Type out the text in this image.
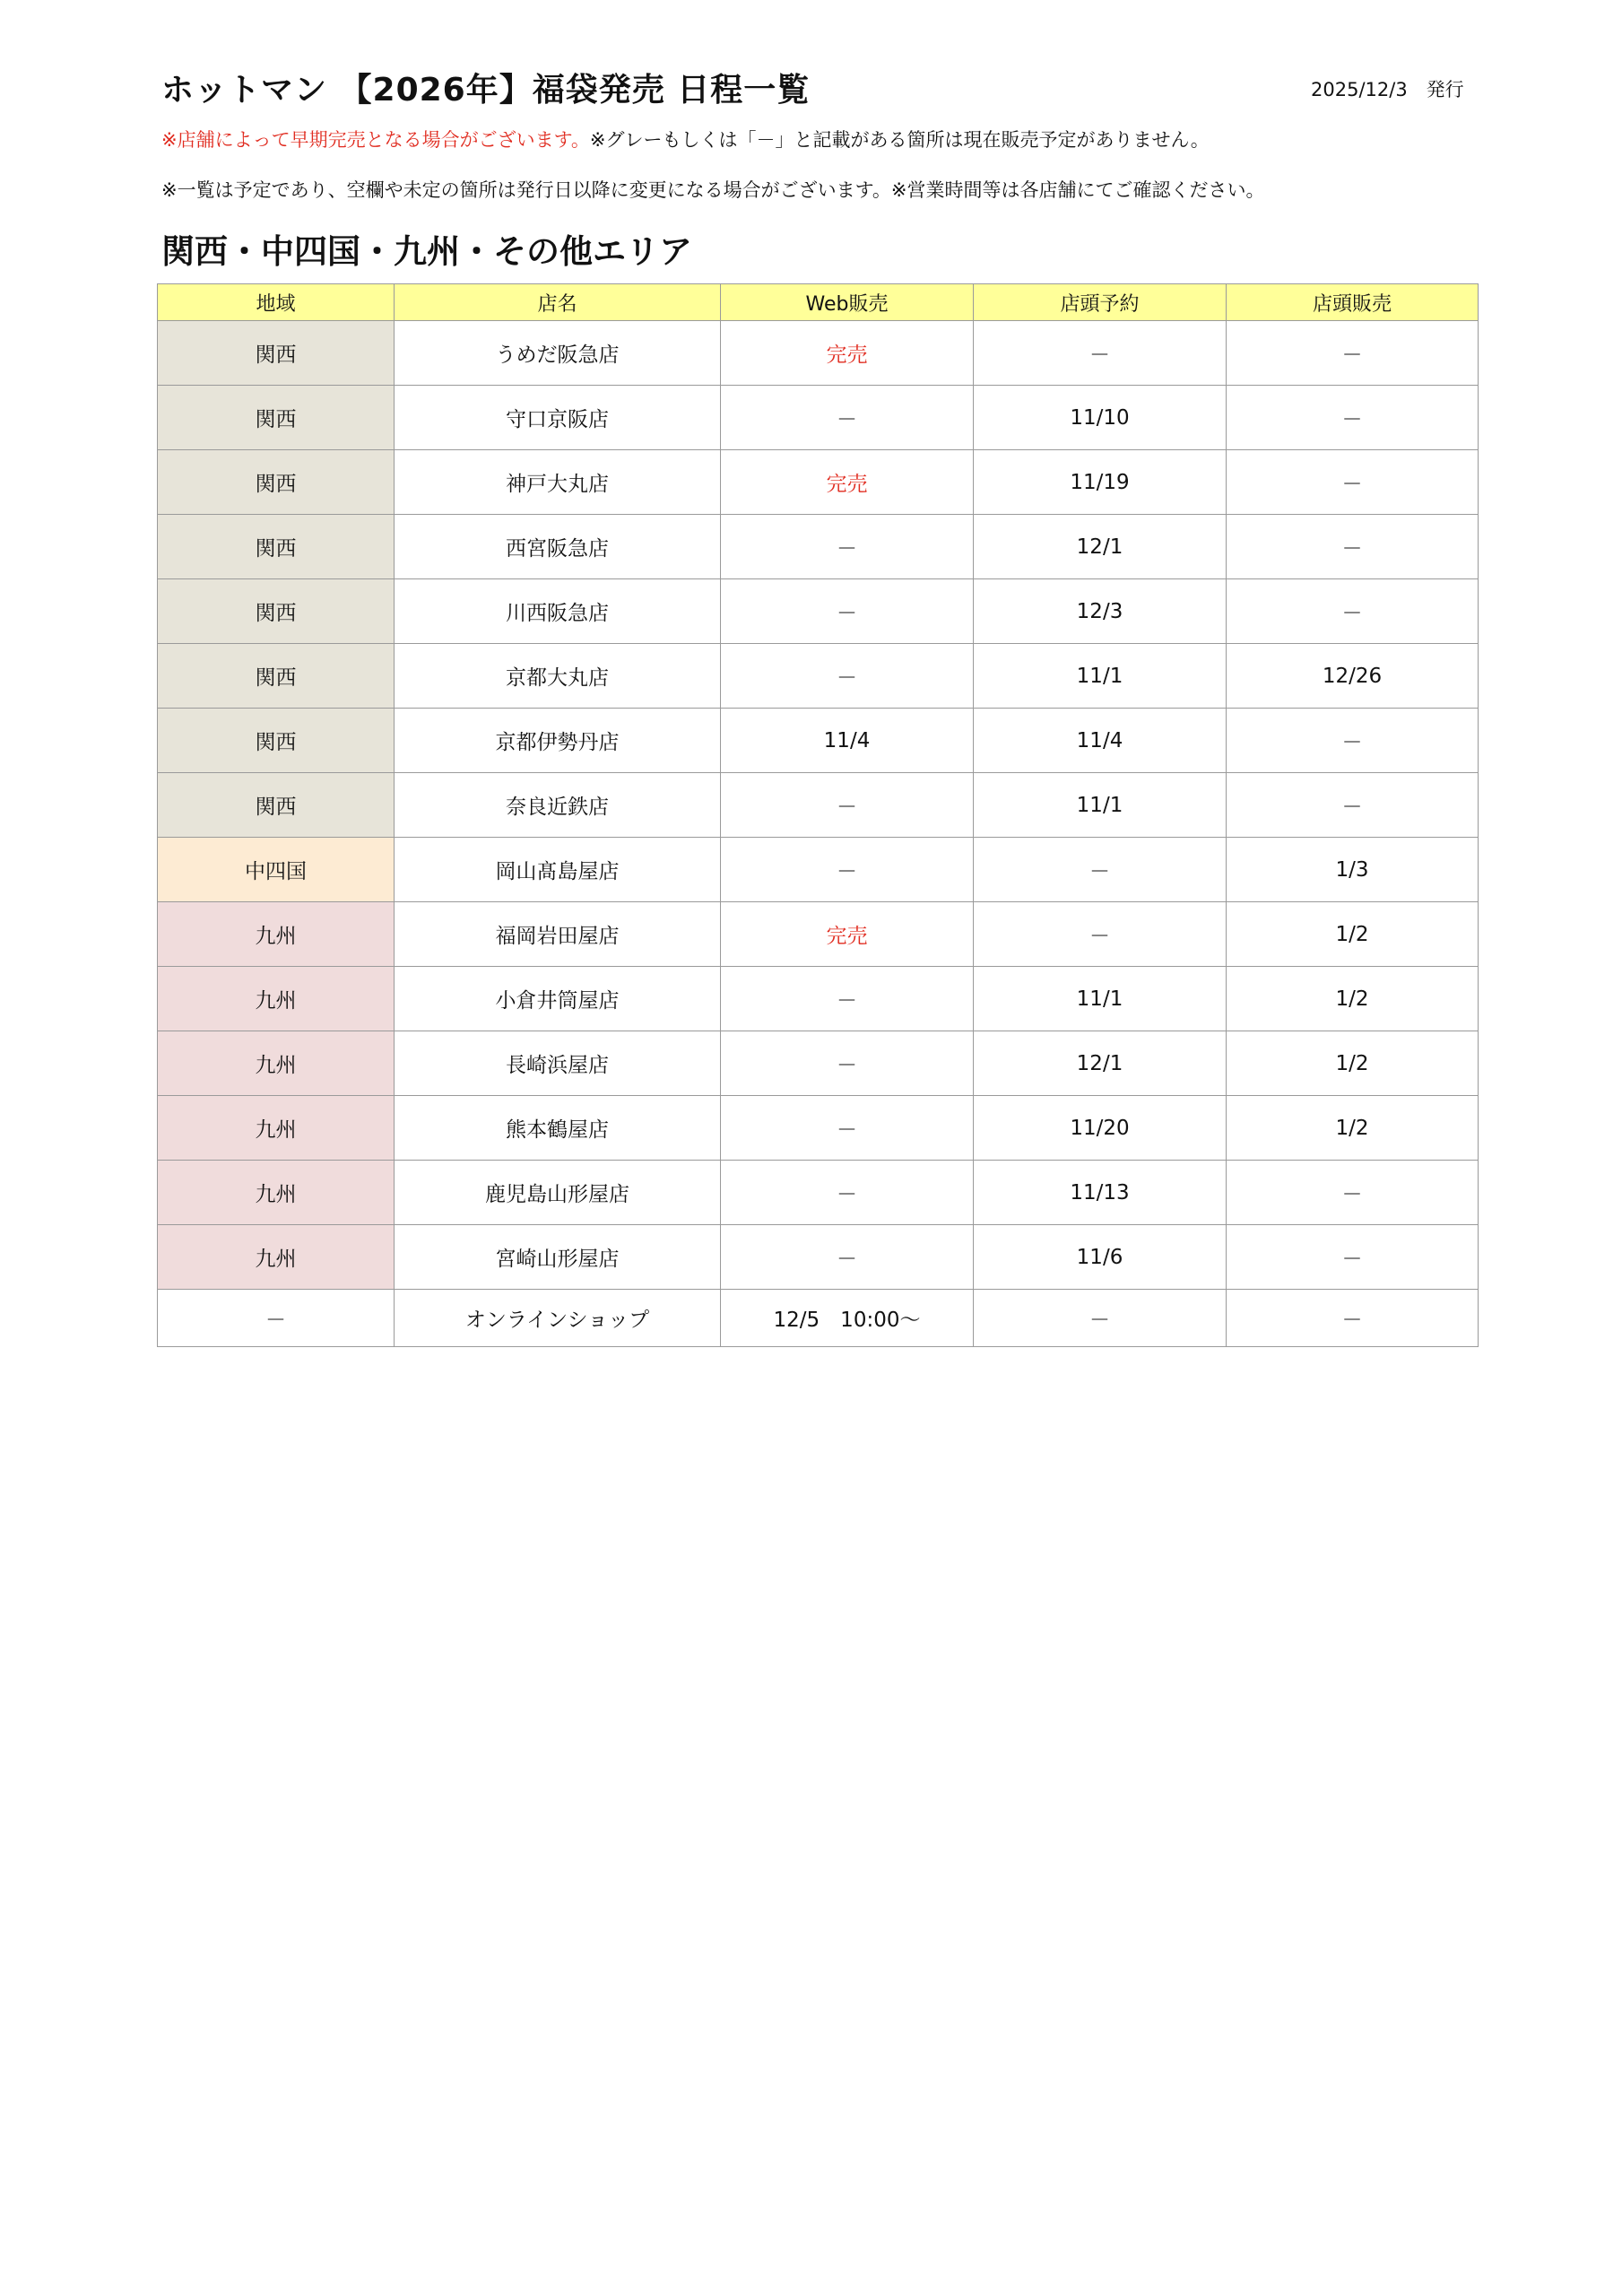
ホットマン 【2026年】福袋発売 日程一覧	2025/12/3　発行
※店舗によって早期完売となる場合がございます。※グレーもしくは「－」と記載がある箇所は現在販売予定がありません。
※一覧は予定であり、空欄や未定の箇所は発行日以降に変更になる場合がございます。※営業時間等は各店舗にてご確認ください。
関西・中四国・九州・その他エリア
地域	店名	Web販売	店頭予約	店頭販売
関西	うめだ阪急店	完売	－	－
関西	守口京阪店	－	11/10	－
関西	神戸大丸店	完売	11/19	－
関西	西宮阪急店	－	12/1	－
関西	川西阪急店	－	12/3	－
関西	京都大丸店	－	11/1	12/26
関西	京都伊勢丹店	11/4	11/4	－
関西	奈良近鉄店	－	11/1	－
中四国	岡山髙島屋店	－	－	1/3
九州	福岡岩田屋店	完売	－	1/2
九州	小倉井筒屋店	－	11/1	1/2
九州	長崎浜屋店	－	12/1	1/2
九州	熊本鶴屋店	－	11/20	1/2
九州	鹿児島山形屋店	－	11/13	－
九州	宮崎山形屋店	－	11/6	－
－	オンラインショップ	12/5　10:00～	－	－
